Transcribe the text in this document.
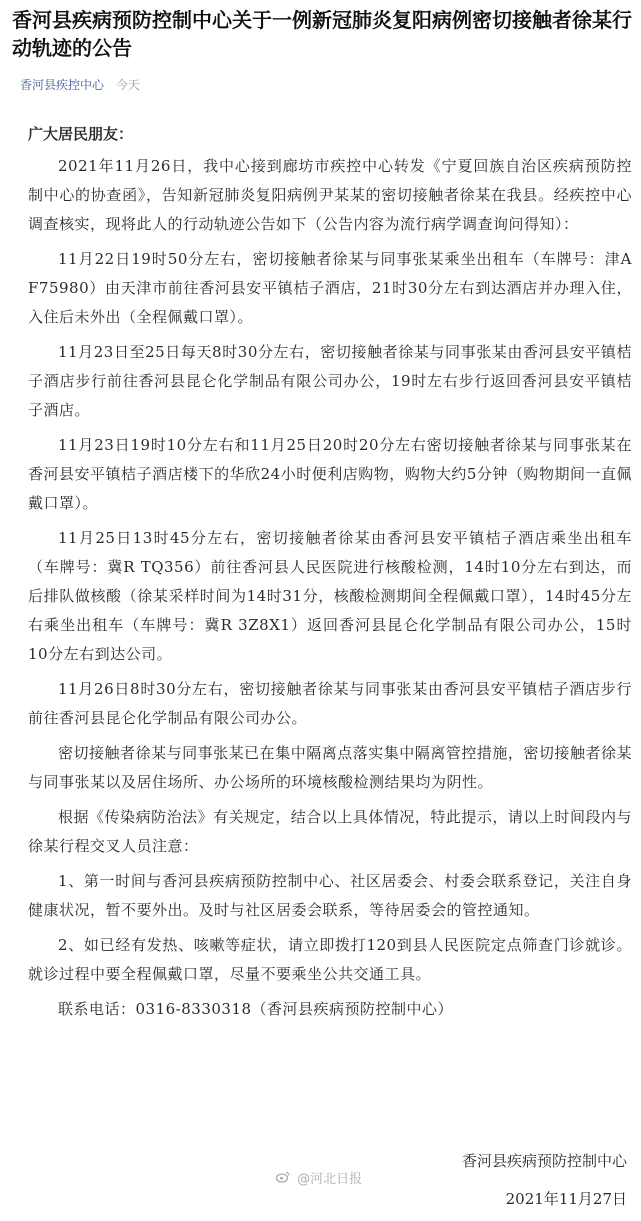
香河县疾病预防控制中心关于一例新冠肺炎复阳病例密切接触者徐某行动轨迹的公告
香河县疾控中心 今天
广大居民朋友：

2021年11月26日，我中心接到廊坊市疾控中心转发《宁夏回族自治区疾病预防控制中心的协查函》，告知新冠肺炎复阳病例尹某某的密切接触者徐某在我县。经疾控中心调查核实，现将此人的行动轨迹公告如下（公告内容为流行病学调查询问得知）：

11月22日19时50分左右，密切接触者徐某与同事张某乘坐出租车（车牌号：津A F75980）由天津市前往香河县安平镇桔子酒店，21时30分左右到达酒店并办理入住，入住后未外出（全程佩戴口罩）。

11月23日至25日每天8时30分左右，密切接触者徐某与同事张某由香河县安平镇桔子酒店步行前往香河县昆仑化学制品有限公司办公，19时左右步行返回香河县安平镇桔子酒店。

11月23日19时10分左右和11月25日20时20分左右密切接触者徐某与同事张某在香河县安平镇桔子酒店楼下的华欣24小时便利店购物，购物大约5分钟（购物期间一直佩戴口罩）。

11月25日13时45分左右，密切接触者徐某由香河县安平镇桔子酒店乘坐出租车（车牌号：冀R TQ356）前往香河县人民医院进行核酸检测，14时10分左右到达，而后排队做核酸（徐某采样时间为14时31分，核酸检测期间全程佩戴口罩），14时45分左右乘坐出租车（车牌号：冀R 3Z8X1）返回香河县昆仑化学制品有限公司办公，15时10分左右到达公司。

11月26日8时30分左右，密切接触者徐某与同事张某由香河县安平镇桔子酒店步行前往香河县昆仑化学制品有限公司办公。

密切接触者徐某与同事张某已在集中隔离点落实集中隔离管控措施，密切接触者徐某与同事张某以及居住场所、办公场所的环境核酸检测结果均为阴性。

根据《传染病防治法》有关规定，结合以上具体情况，特此提示，请以上时间段内与徐某行程交叉人员注意：

1、第一时间与香河县疾病预防控制中心、社区居委会、村委会联系登记，关注自身健康状况，暂不要外出。及时与社区居委会联系，等待居委会的管控通知。

2、如已经有发热、咳嗽等症状，请立即拨打120到县人民医院定点筛查门诊就诊。就诊过程中要全程佩戴口罩，尽量不要乘坐公共交通工具。

联系电话：0316-8330318（香河县疾病预防控制中心）

@河北日报
香河县疾病预防控制中心
2021年11月27日
